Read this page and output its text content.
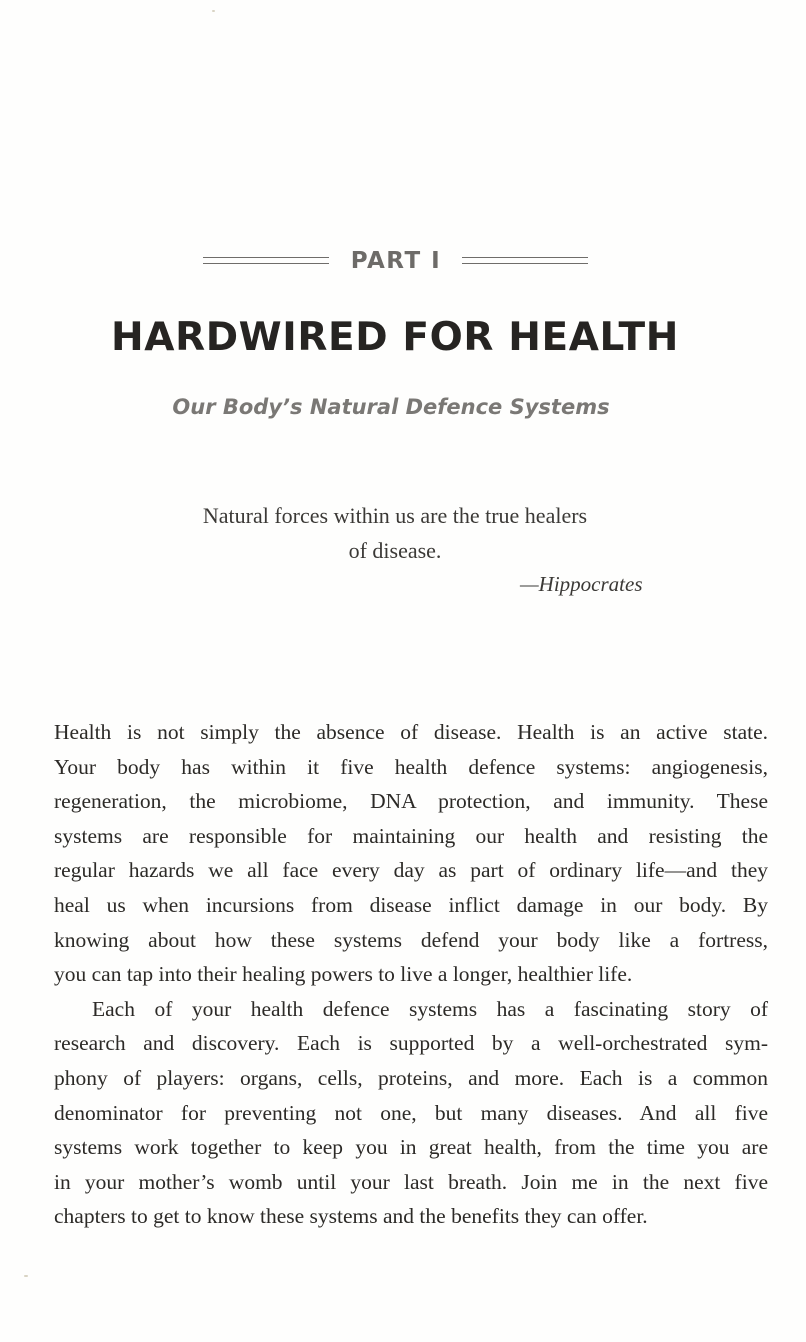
PART I
HARDWIRED FOR HEALTH
Our Body’s Natural Defence Systems
Natural forces within us are the true healers
of disease.
—Hippocrates
Health is not simply the absence of disease. Health is an active state.
Your body has within it five health defence systems: angiogenesis,
regeneration, the microbiome, DNA protection, and immunity. These
systems are responsible for maintaining our health and resisting the
regular hazards we all face every day as part of ordinary life—and they
heal us when incursions from disease inflict damage in our body. By
knowing about how these systems defend your body like a fortress,
you can tap into their healing powers to live a longer, healthier life.
Each of your health defence systems has a fascinating story of
research and discovery. Each is supported by a well-orchestrated sym-
phony of players: organs, cells, proteins, and more. Each is a common
denominator for preventing not one, but many diseases. And all five
systems work together to keep you in great health, from the time you are
in your mother’s womb until your last breath. Join me in the next five
chapters to get to know these systems and the benefits they can offer.
